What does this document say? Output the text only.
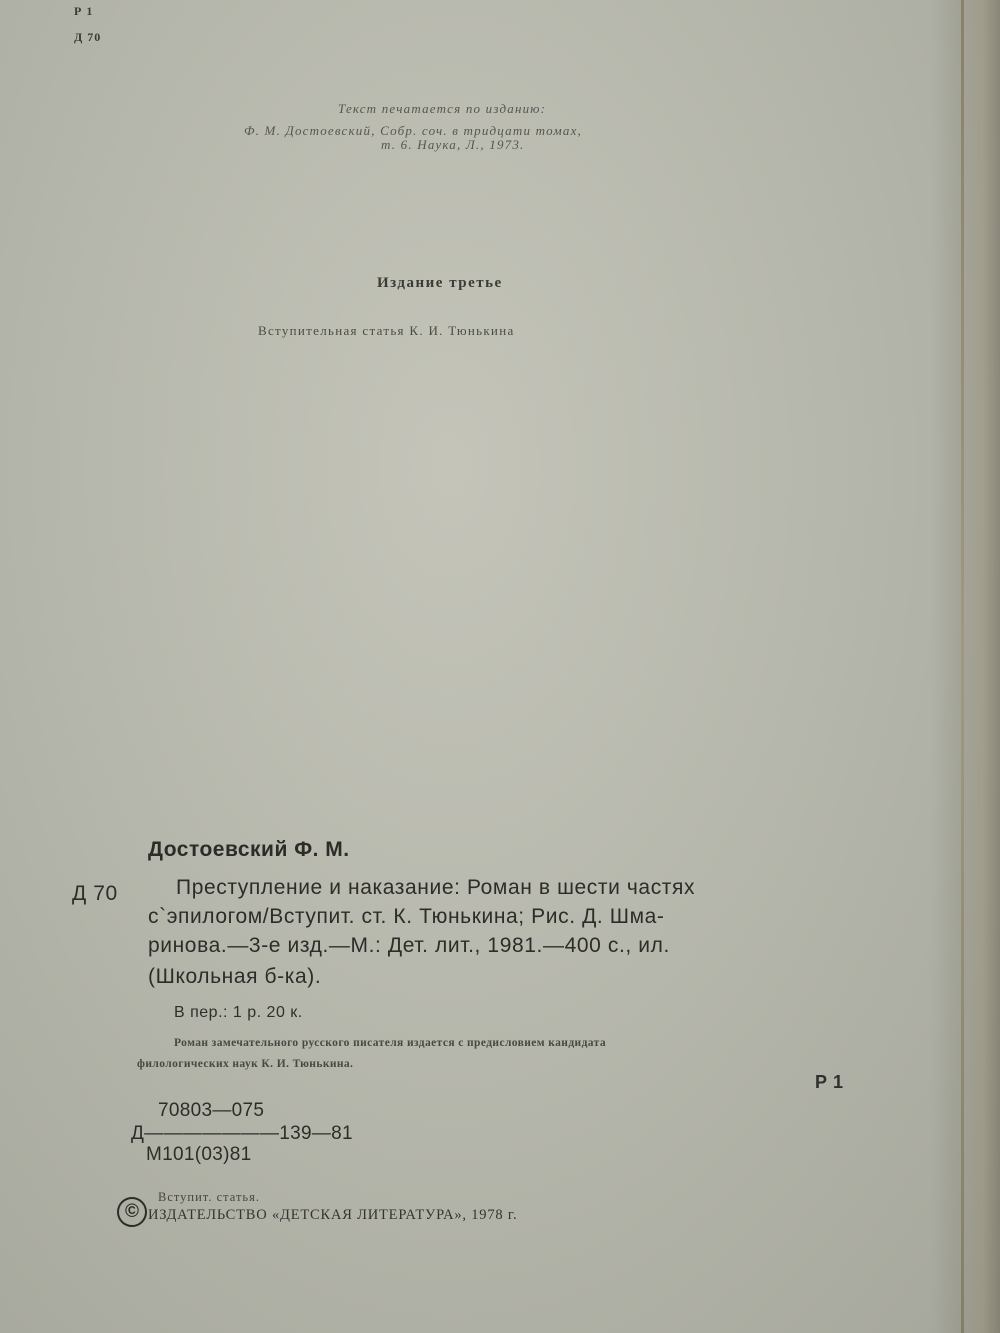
Р 1

Д 70

Текст печатается по изданию:

Ф. М. Достоевский, Собр. соч. в тридцати томах,

т. 6. Наука, Л., 1973.

Издание третье

Вступительная статья К. И. Тюнькина

Достоевский Ф. М.

Д 70	Преступление и наказание: Роман в шести частях

с`эпилогом/Вступит. ст. К. Тюнькина; Рис. Д. Шма-

ринова.—3-е изд.—М.: Дет. лит., 1981.—400 с., ил.

(Школьная б-ка).

В пер.: 1 р. 20 к.

Роман замечательного русского писателя издается с предисловием кандидата

филологических наук К. И. Тюнькина.

Р 1

70803—075

Д———————139—81

М101(03)81

©

Вступит. статья.

ИЗДАТЕЛЬСТВО «ДЕТСКАЯ ЛИТЕРАТУРА», 1978 г.
